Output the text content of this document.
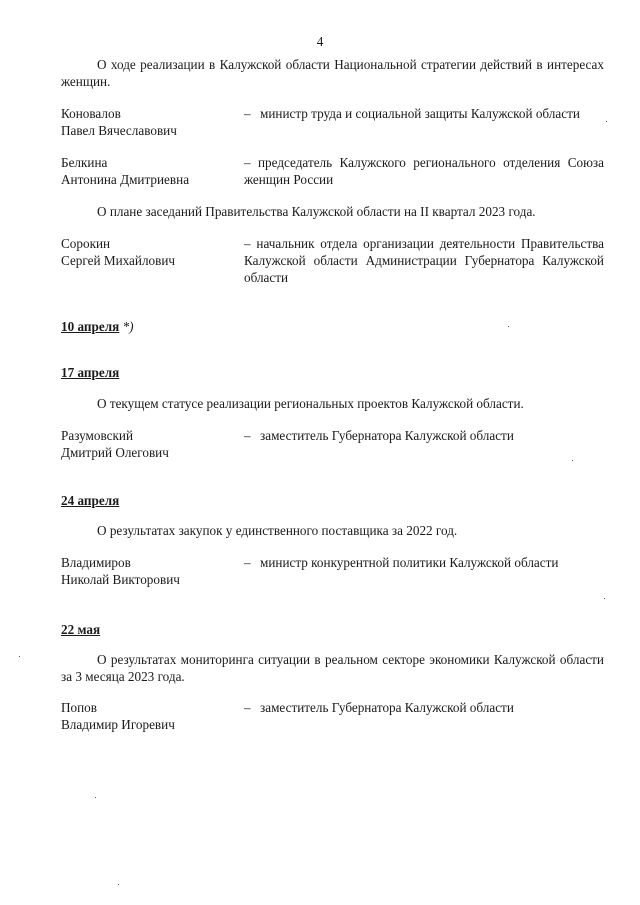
4
О ходе реализации в Калужской области Национальной стратегии действий в интересах женщин.
Коновалов
Павел Вячеславович
– министр труда и социальной защиты Калужской области
Белкина
Антонина Дмитриевна
– председатель Калужского регионального отделения Союза женщин России
О плане заседаний Правительства Калужской области на II квартал 2023 года.
Сорокин
Сергей Михайлович
– начальник отдела организации деятельности Правительства Калужской области Администрации Губернатора Калужской области
10 апреля *)
17 апреля
О текущем статусе реализации региональных проектов Калужской области.
Разумовский
Дмитрий Олегович
– заместитель Губернатора Калужской области
24 апреля
О результатах закупок у единственного поставщика за 2022 год.
Владимиров
Николай Викторович
– министр конкурентной политики Калужской области
22 мая
О результатах мониторинга ситуации в реальном секторе экономики Калужской области за 3 месяца 2023 года.
Попов
Владимир Игоревич
– заместитель Губернатора Калужской области
